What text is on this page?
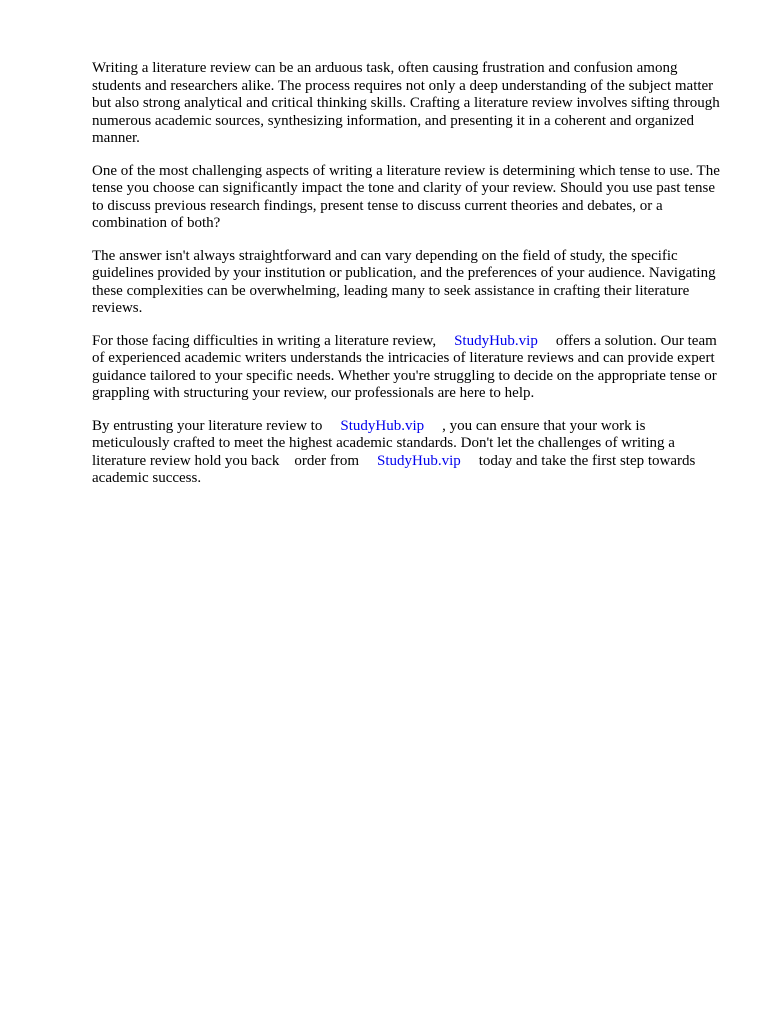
Writing a literature review can be an arduous task, often causing frustration and confusion among students and researchers alike. The process requires not only a deep understanding of the subject matter but also strong analytical and critical thinking skills. Crafting a literature review involves sifting through numerous academic sources, synthesizing information, and presenting it in a coherent and organized manner.

One of the most challenging aspects of writing a literature review is determining which tense to use. The tense you choose can significantly impact the tone and clarity of your review. Should you use past tense to discuss previous research findings, present tense to discuss current theories and debates, or a combination of both?

The answer isn't always straightforward and can vary depending on the field of study, the specific guidelines provided by your institution or publication, and the preferences of your audience. Navigating these complexities can be overwhelming, leading many to seek assistance in crafting their literature reviews.

For those facing difficulties in writing a literature review, StudyHub.vip offers a solution. Our team of experienced academic writers understands the intricacies of literature reviews and can provide expert guidance tailored to your specific needs. Whether you're struggling to decide on the appropriate tense or grappling with structuring your review, our professionals are here to help.

By entrusting your literature review to StudyHub.vip , you can ensure that your work is meticulously crafted to meet the highest academic standards. Don't let the challenges of writing a literature review hold you back    order from StudyHub.vip today and take the first step towards academic success.
